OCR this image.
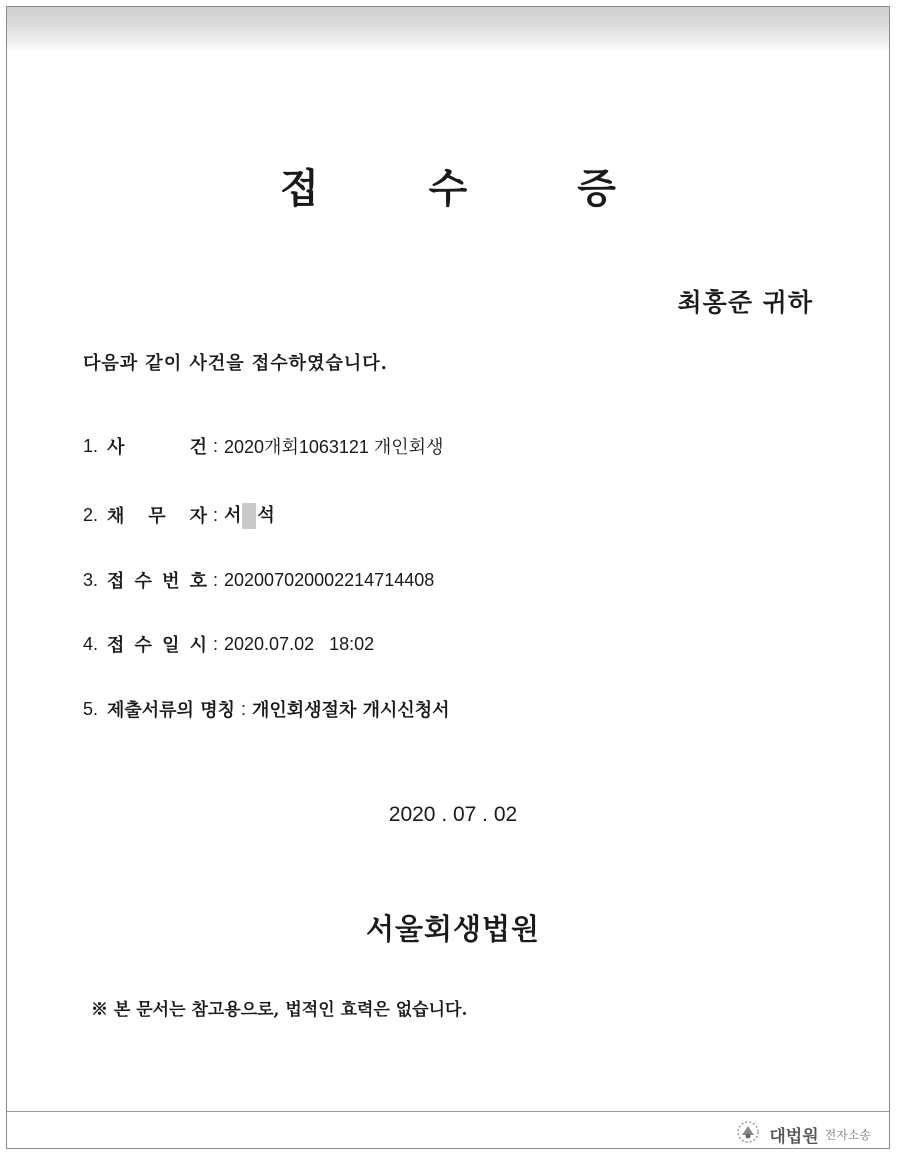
접 수 증
최홍준 귀하
다음과 같이 사건을 접수하였습니다.
1. 사	건 : 2020개회1063121 개인회생
2. 채 무 자 : 서 석
3. 접 수 번 호 : 202007020002214714408
4. 접 수 일 시 : 2020.07.02   18:02
5. 제출서류의 명칭 : 개인회생절차 개시신청서
2020 . 07 . 02
서울회생법원
※ 본 문서는 참고용으로, 법적인 효력은 없습니다.
대법원 전자소송
